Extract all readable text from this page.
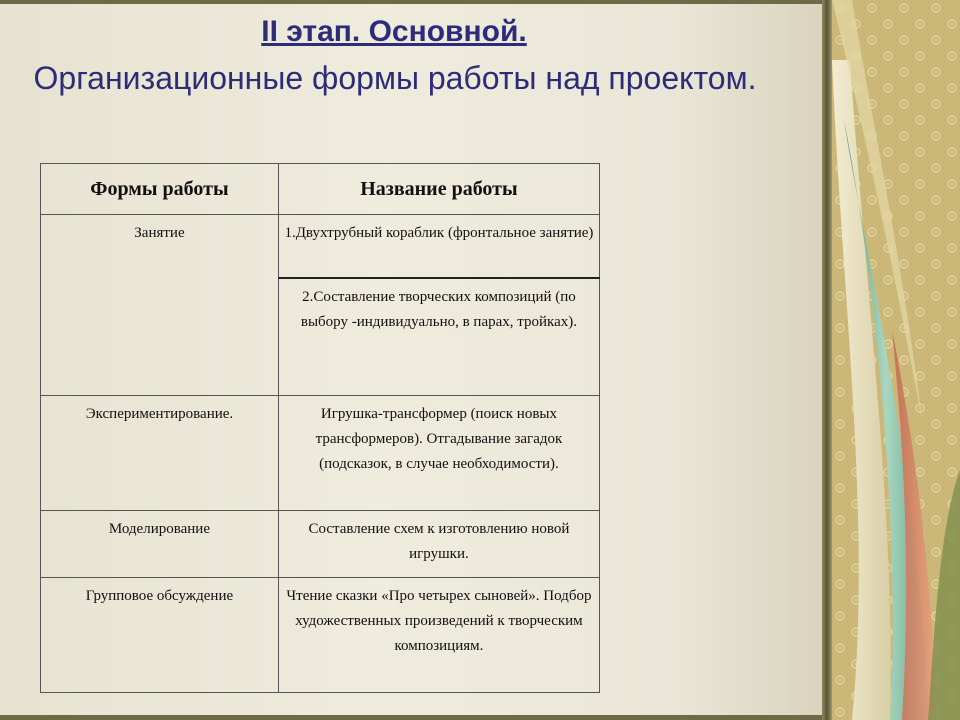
II этап. Основной.
Организационные формы работы над проектом.
Формы работы	Название работы
Занятие	1.Двухтрубный кораблик (фронтальное занятие)
	2.Составление творческих композиций (по выбору -индивидуально, в парах, тройках).
Экспериментирование.	Игрушка-трансформер (поиск новых трансформеров). Отгадывание загадок (подсказок, в случае необходимости).
Моделирование	Составление схем к изготовлению новой игрушки.
Групповое обсуждение	Чтение сказки «Про четырех сыновей». Подбор художественных произведений к творческим композициям.
